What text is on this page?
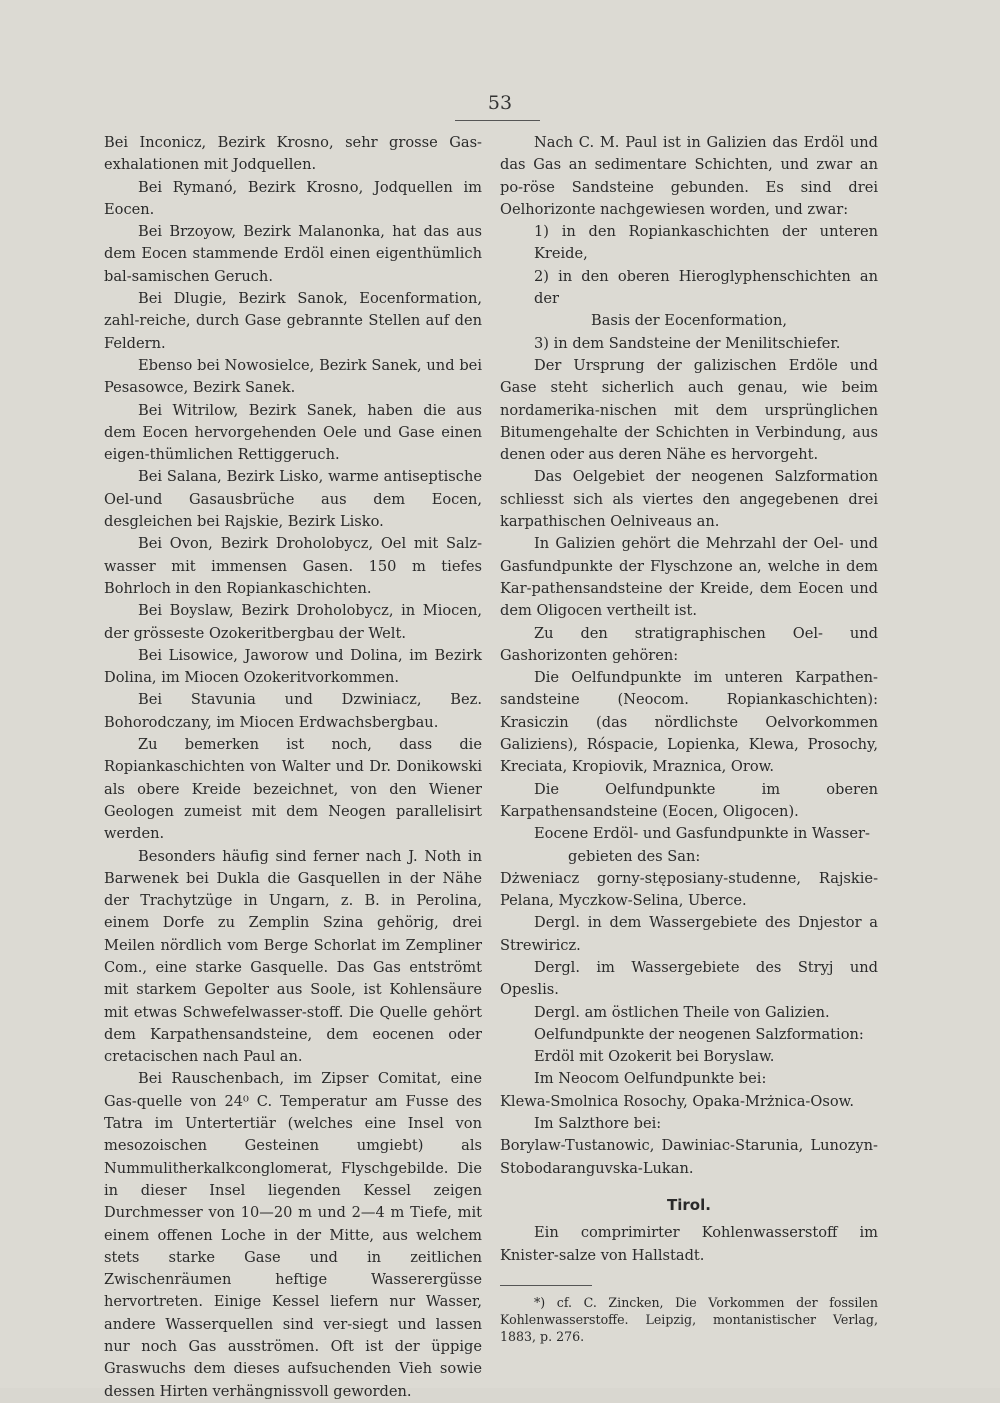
53

Bei Inconicz, Bezirk Krosno, sehr grosse Gas-exhalationen mit Jodquellen.

Bei Rymanó, Bezirk Krosno, Jodquellen im Eocen.

Bei Brzoyow, Bezirk Malanonka, hat das aus dem Eocen stammende Erdöl einen eigenthümlich bal-samischen Geruch.

Bei Dlugie, Bezirk Sanok, Eocenformation, zahl-reiche, durch Gase gebrannte Stellen auf den Feldern.

Ebenso bei Nowosielce, Bezirk Sanek, und bei Pesasowce, Bezirk Sanek.

Bei Witrilow, Bezirk Sanek, haben die aus dem Eocen hervorgehenden Oele und Gase einen eigen-thümlichen Rettiggeruch.

Bei Salana, Bezirk Lisko, warme antiseptische Oel-und Gasausbrüche aus dem Eocen, desgleichen bei Rajskie, Bezirk Lisko.

Bei Ovon, Bezirk Droholobycz, Oel mit Salz-wasser mit immensen Gasen. 150 m tiefes Bohrloch in den Ropiankaschichten.

Bei Boyslaw, Bezirk Droholobycz, in Miocen, der grösseste Ozokeritbergbau der Welt.

Bei Lisowice, Jaworow und Dolina, im Bezirk Dolina, im Miocen Ozokeritvorkommen.

Bei Stavunia und Dzwiniacz, Bez. Bohorodczany, im Miocen Erdwachsbergbau.

Zu bemerken ist noch, dass die Ropiankaschichten von Walter und Dr. Donikowski als obere Kreide bezeichnet, von den Wiener Geologen zumeist mit dem Neogen parallelisirt werden.

Besonders häufig sind ferner nach J. Noth in Barwenek bei Dukla die Gasquellen in der Nähe der Trachytzüge in Ungarn, z. B. in Perolina, einem Dorfe zu Zemplin Szina gehörig, drei Meilen nördlich vom Berge Schorlat im Zempliner Com., eine starke Gasquelle. Das Gas entströmt mit starkem Gepolter aus Soole, ist Kohlensäure mit etwas Schwefelwasser-stoff. Die Quelle gehört dem Karpathensandsteine, dem eocenen oder cretacischen nach Paul an.

Bei Rauschenbach, im Zipser Comitat, eine Gas-quelle von 24⁰ C. Temperatur am Fusse des Tatra im Untertertiär (welches eine Insel von mesozoischen Gesteinen umgiebt) als Nummulitherkalkconglomerat, Flyschgebilde. Die in dieser Insel liegenden Kessel zeigen Durchmesser von 10—20 m und 2—4 m Tiefe, mit einem offenen Loche in der Mitte, aus welchem stets starke Gase und in zeitlichen Zwischenräumen heftige Wasserergüsse hervortreten. Einige Kessel liefern nur Wasser, andere Wasserquellen sind ver-siegt und lassen nur noch Gas ausströmen. Oft ist der üppige Graswuchs dem dieses aufsuchenden Vieh sowie dessen Hirten verhängnissvoll geworden.

Nach C. M. Paul ist in Galizien das Erdöl und das Gas an sedimentare Schichten, und zwar an po-röse Sandsteine gebunden. Es sind drei Oelhorizonte nachgewiesen worden, und zwar:

1) in den Ropiankaschichten der unteren Kreide,

2) in den oberen Hieroglyphenschichten an der

Basis der Eocenformation,

3) in dem Sandsteine der Menilitschiefer.

Der Ursprung der galizischen Erdöle und Gase steht sicherlich auch genau, wie beim nordamerika-nischen mit dem ursprünglichen Bitumengehalte der Schichten in Verbindung, aus denen oder aus deren Nähe es hervorgeht.

Das Oelgebiet der neogenen Salzformation schliesst sich als viertes den angegebenen drei karpathischen Oelniveaus an.

In Galizien gehört die Mehrzahl der Oel- und Gasfundpunkte der Flyschzone an, welche in dem Kar-pathensandsteine der Kreide, dem Eocen und dem Oligocen vertheilt ist.

Zu den stratigraphischen Oel- und Gashorizonten gehören:

Die Oelfundpunkte im unteren Karpathen-sandsteine (Neocom. Ropiankaschichten): Krasiczin (das nördlichste Oelvorkommen Galiziens), Róspacie, Lopienka, Klewa, Prosochy, Kreciata, Kropiovik, Mraznica, Orow.

Die Oelfundpunkte im oberen Karpathensandsteine (Eocen, Oligocen).

Eocene Erdöl- und Gasfundpunkte in Wasser-

gebieten des San:

Dżweniacz gorny-stęposiany-studenne, Rajskie-Pelana, Myczkow-Selina, Uberce.

Dergl. in dem Wassergebiete des Dnjestor a Strewiricz.

Dergl. im Wassergebiete des Stryj und Opeslis.

Dergl. am östlichen Theile von Galizien.

Oelfundpunkte der neogenen Salzformation:

Erdöl mit Ozokerit bei Boryslaw.

Im Neocom Oelfundpunkte bei:

Klewa-Smolnica Rosochy, Opaka-Mrżnica-Osow.

Im Salzthore bei:

Borylaw-Tustanowic, Dawiniac-Starunia, Lunozyn-Stobodaranguvska-Lukan.

Tirol.

Ein comprimirter Kohlenwasserstoff im Knister-salze von Hallstadt.

*) cf. C. Zincken, Die Vorkommen der fossilen Kohlenwasserstoffe. Leipzig, montanistischer Verlag, 1883, p. 276.
